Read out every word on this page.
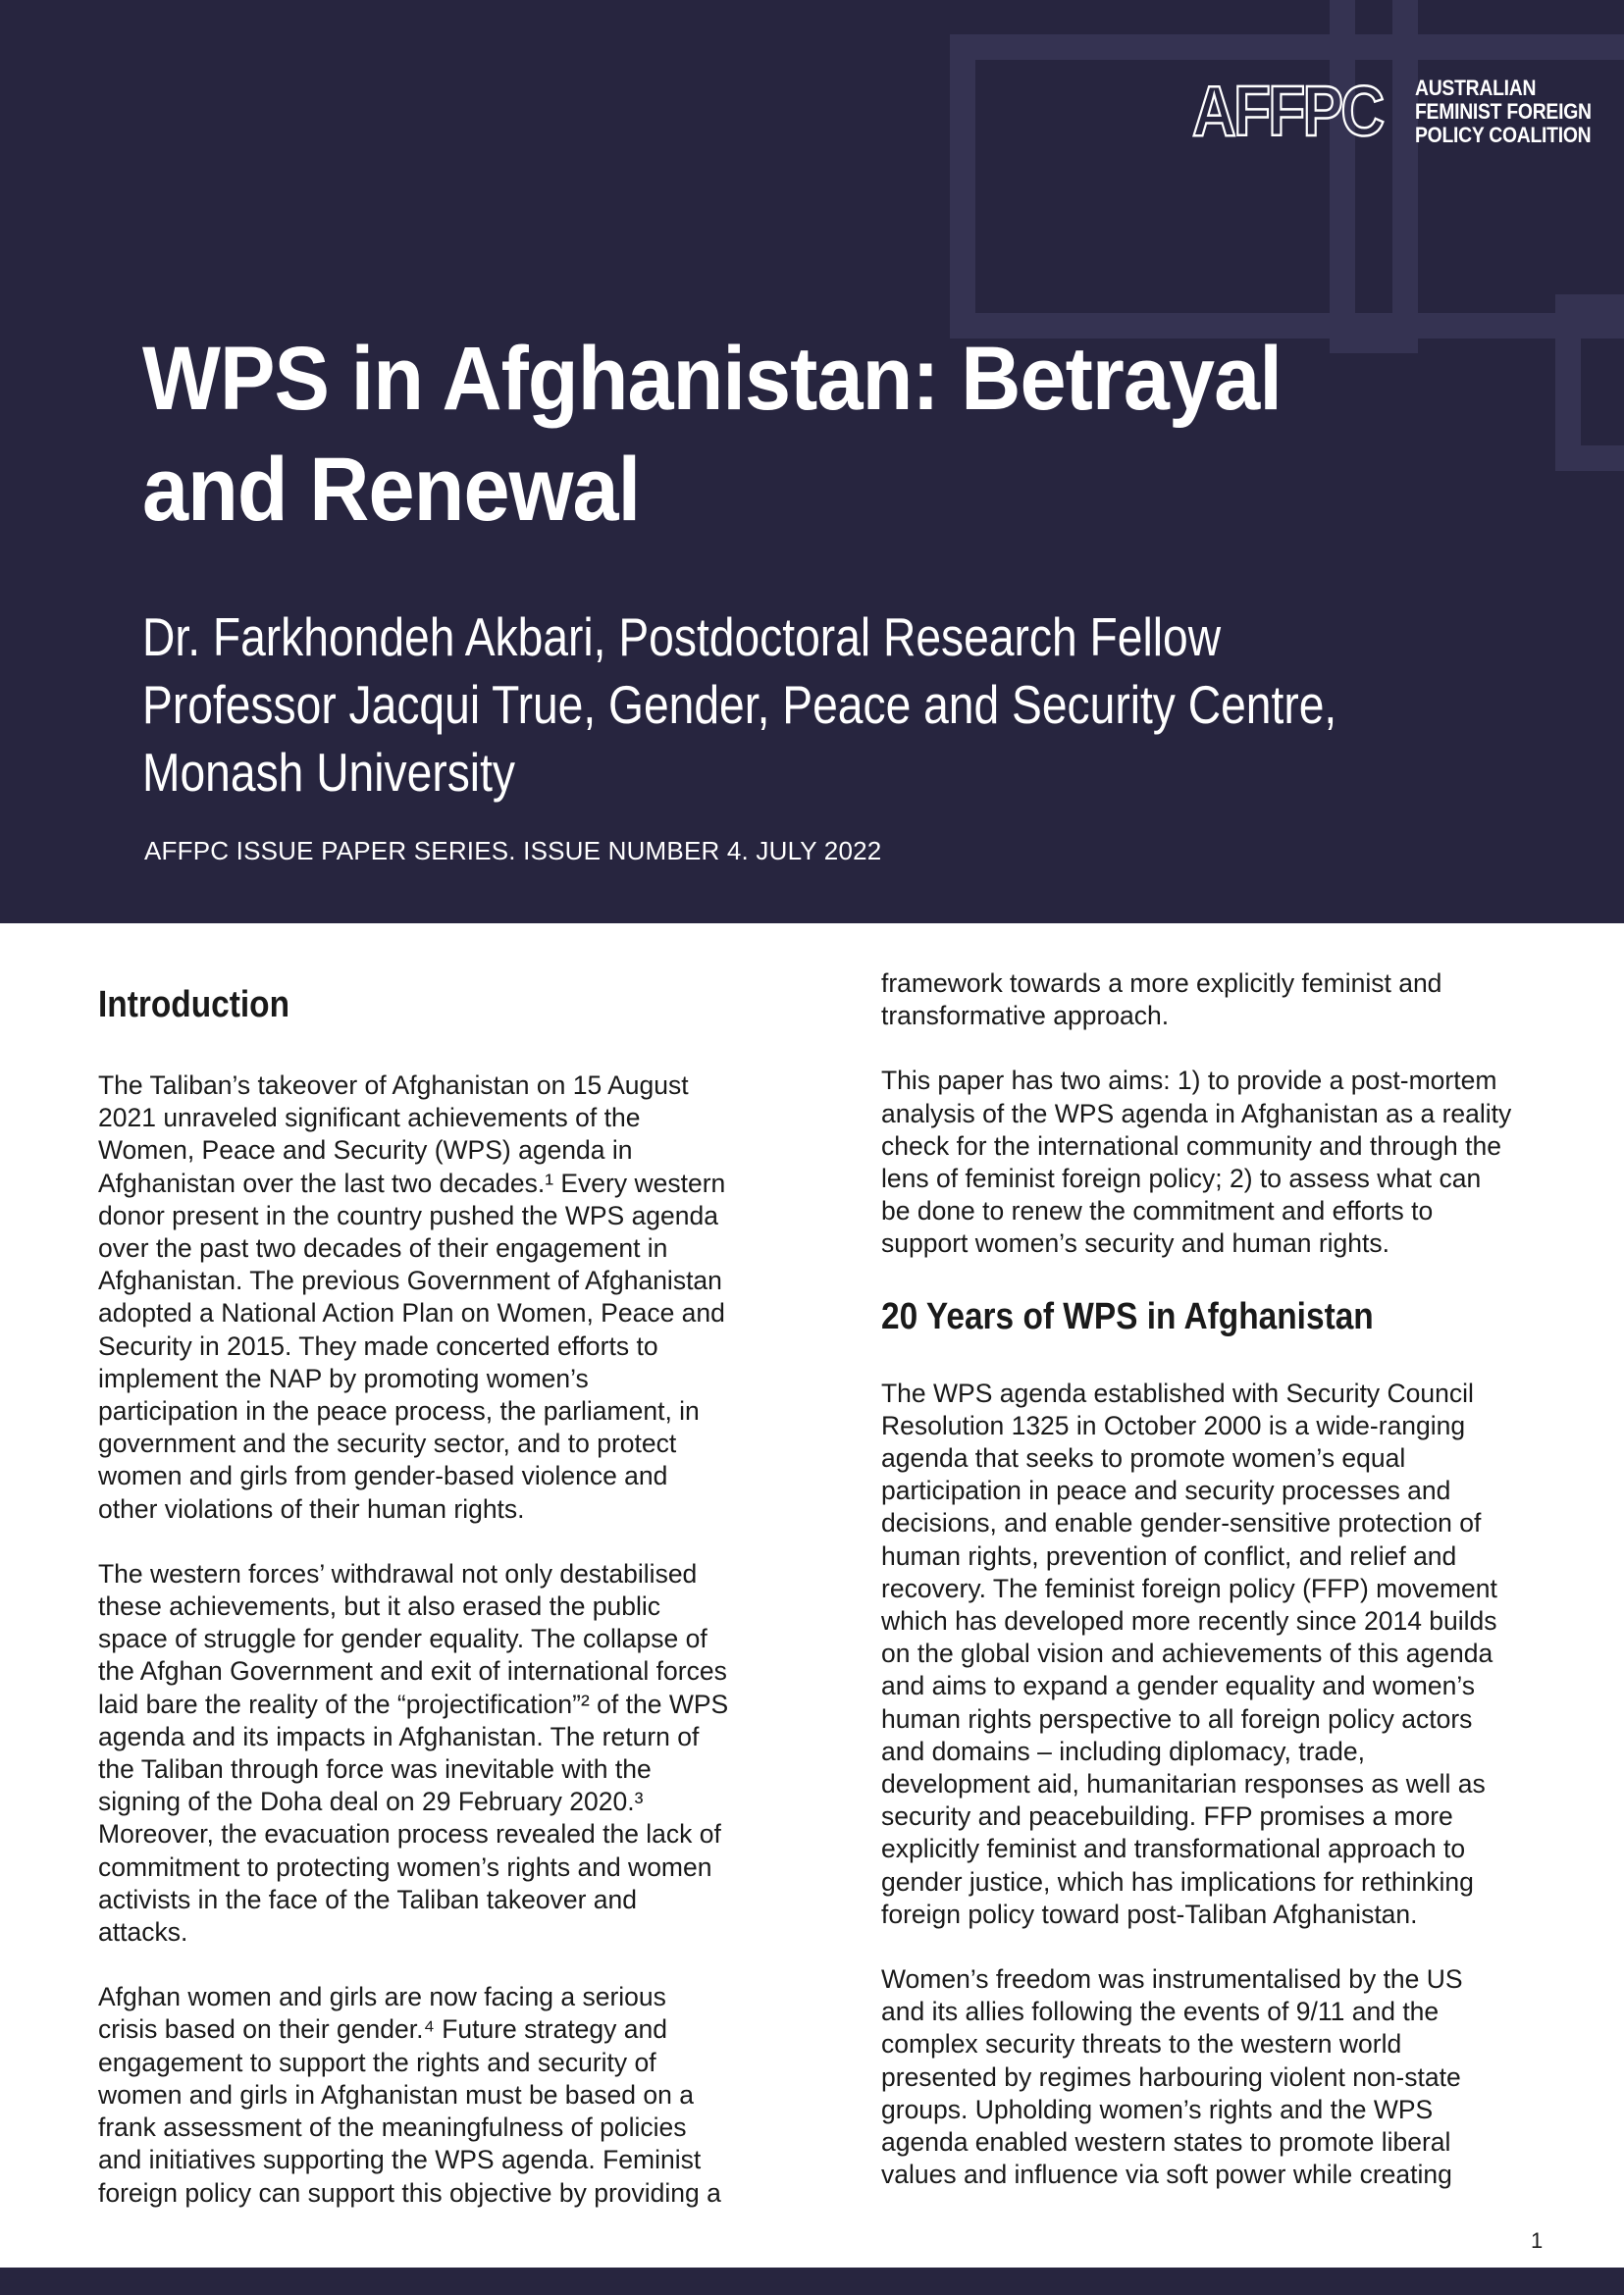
AFFPC AUSTRALIAN
FEMINIST FOREIGN
POLICY COALITION
WPS in Afghanistan: Betrayal
and Renewal
Dr. Farkhondeh Akbari, Postdoctoral Research Fellow
Professor Jacqui True, Gender, Peace and Security Centre,
Monash University
AFFPC ISSUE PAPER SERIES. ISSUE NUMBER 4. JULY 2022
Introduction

The Taliban’s takeover of Afghanistan on 15 August
2021 unraveled significant achievements of the
Women, Peace and Security (WPS) agenda in
Afghanistan over the last two decades.¹ Every western
donor present in the country pushed the WPS agenda
over the past two decades of their engagement in
Afghanistan. The previous Government of Afghanistan
adopted a National Action Plan on Women, Peace and
Security in 2015. They made concerted efforts to
implement the NAP by promoting women’s
participation in the peace process, the parliament, in
government and the security sector, and to protect
women and girls from gender-based violence and
other violations of their human rights.

The western forces’ withdrawal not only destabilised
these achievements, but it also erased the public
space of struggle for gender equality. The collapse of
the Afghan Government and exit of international forces
laid bare the reality of the “projectification”² of the WPS
agenda and its impacts in Afghanistan. The return of
the Taliban through force was inevitable with the
signing of the Doha deal on 29 February 2020.³
Moreover, the evacuation process revealed the lack of
commitment to protecting women’s rights and women
activists in the face of the Taliban takeover and
attacks.

Afghan women and girls are now facing a serious
crisis based on their gender.⁴ Future strategy and
engagement to support the rights and security of
women and girls in Afghanistan must be based on a
frank assessment of the meaningfulness of policies
and initiatives supporting the WPS agenda. Feminist
foreign policy can support this objective by providing a

framework towards a more explicitly feminist and
transformative approach.

This paper has two aims: 1) to provide a post-mortem
analysis of the WPS agenda in Afghanistan as a reality
check for the international community and through the
lens of feminist foreign policy; 2) to assess what can
be done to renew the commitment and efforts to
support women’s security and human rights.

20 Years of WPS in Afghanistan

The WPS agenda established with Security Council
Resolution 1325 in October 2000 is a wide-ranging
agenda that seeks to promote women’s equal
participation in peace and security processes and
decisions, and enable gender-sensitive protection of
human rights, prevention of conflict, and relief and
recovery. The feminist foreign policy (FFP) movement
which has developed more recently since 2014 builds
on the global vision and achievements of this agenda
and aims to expand a gender equality and women’s
human rights perspective to all foreign policy actors
and domains – including diplomacy, trade,
development aid, humanitarian responses as well as
security and peacebuilding. FFP promises a more
explicitly feminist and transformational approach to
gender justice, which has implications for rethinking
foreign policy toward post-Taliban Afghanistan.

Women’s freedom was instrumentalised by the US
and its allies following the events of 9/11 and the
complex security threats to the western world
presented by regimes harbouring violent non-state
groups. Upholding women’s rights and the WPS
agenda enabled western states to promote liberal
values and influence via soft power while creating

1
